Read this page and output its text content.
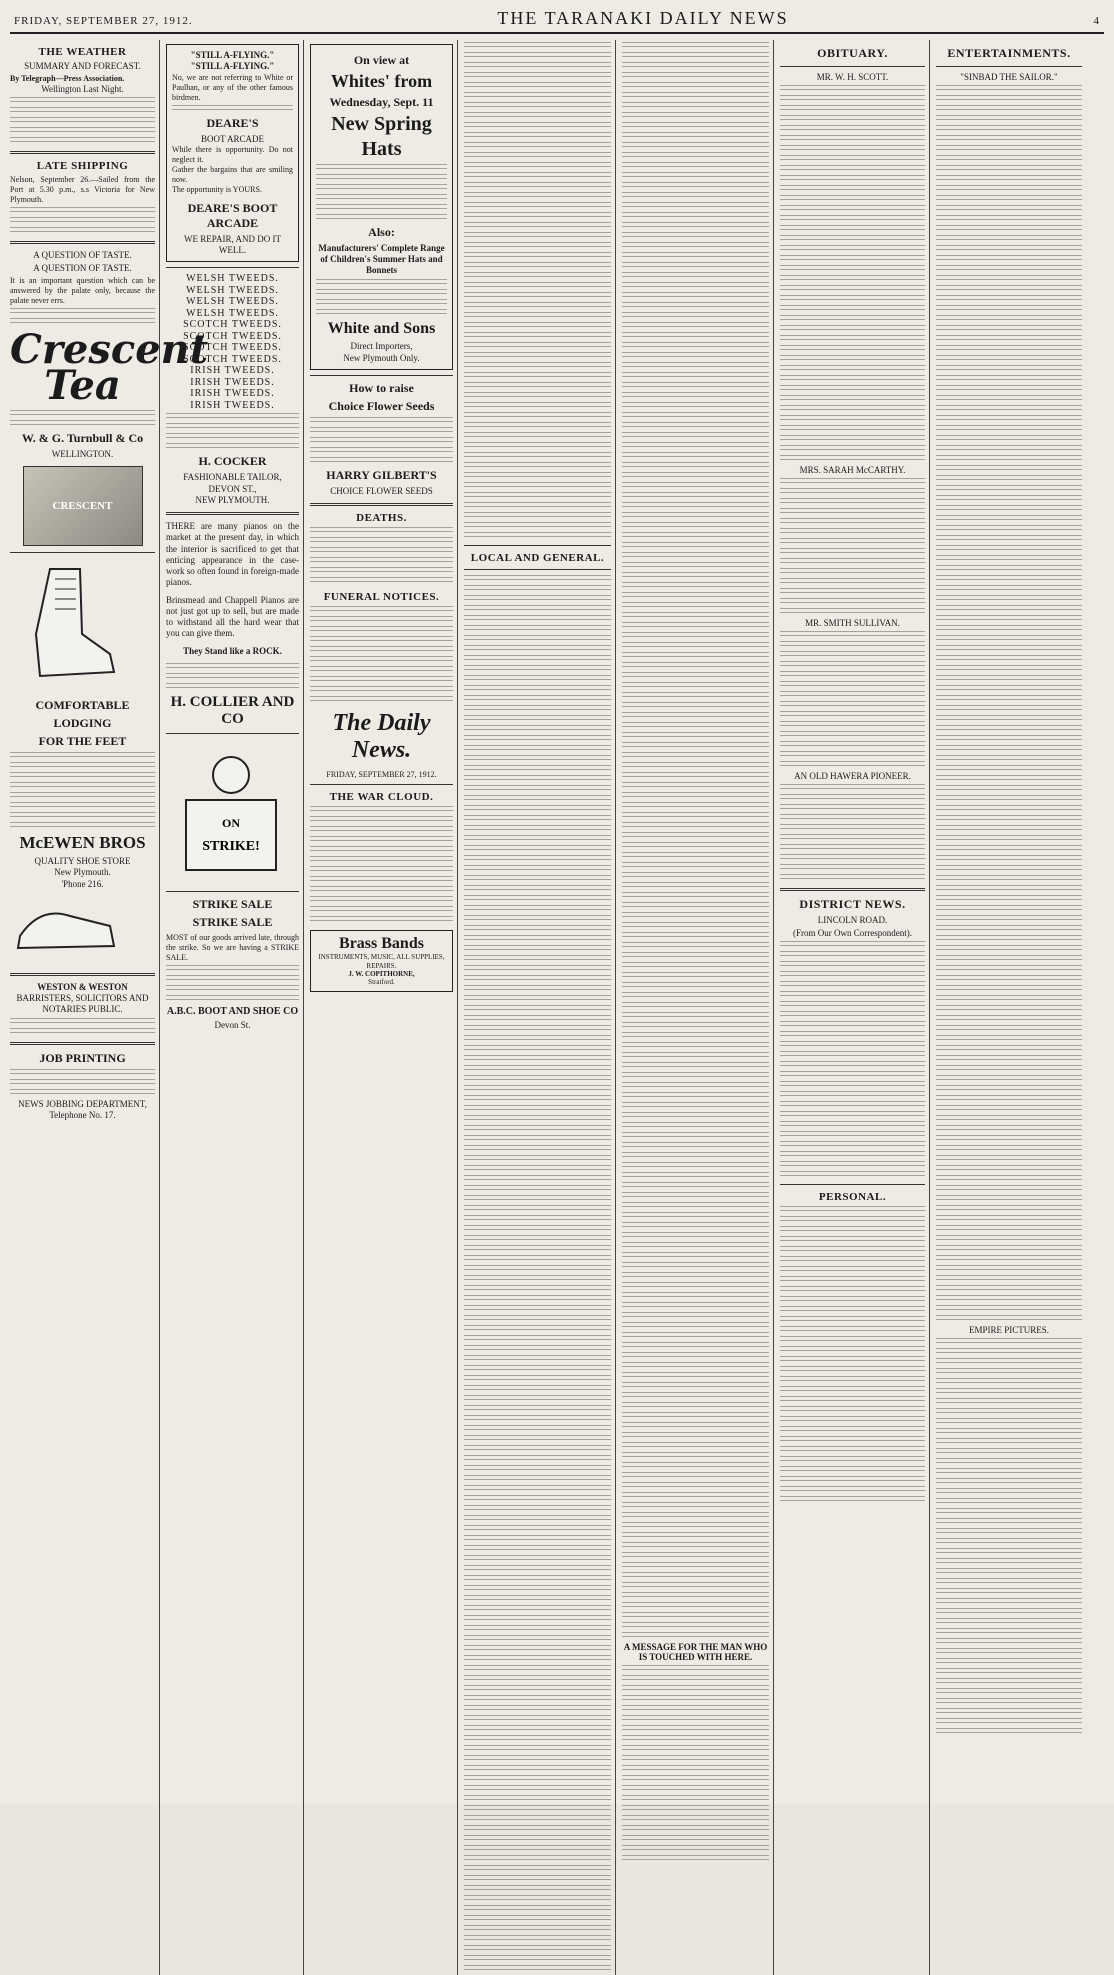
FRIDAY, SEPTEMBER 27, 1912.	THE TARANAKI DAILY NEWS	4
THE WEATHER
SUMMARY AND FORECAST.
By Telegraph—Press Association.
Wellington Last Night.
LATE SHIPPING
Nelson, September 26.—Sailed from the Port at 5.30 p.m., s.s Victoria for New Plymouth.
A QUESTION OF TASTE.
A QUESTION OF TASTE.
It is an important question which can be answered by the palate only, because the palate never errs.
Crescent
Tea
W. & G. Turnbull & Co
WELLINGTON.
CRESCENT
COMFORTABLE
LODGING
FOR THE FEET
McEWEN BROS
QUALITY SHOE STORE
New Plymouth.
'Phone 216.
WESTON & WESTON
BARRISTERS, SOLICITORS AND NOTARIES PUBLIC.
JOB PRINTING
NEWS JOBBING DEPARTMENT, Telephone No. 17.
"STILL A-FLYING."
"STILL A-FLYING."
No, we are not referring to White or Paulhan, or any of the other famous birdmen.
DEARE'S
BOOT ARCADE
While there is opportunity. Do not neglect it.
Gather the bargains that are smiling now.
The opportunity is YOURS.
DEARE'S BOOT ARCADE
WE REPAIR, AND DO IT WELL.
WELSH TWEEDS.
WELSH TWEEDS.
WELSH TWEEDS.
WELSH TWEEDS.
SCOTCH TWEEDS.
SCOTCH TWEEDS.
SCOTCH TWEEDS.
SCOTCH TWEEDS.
IRISH TWEEDS.
IRISH TWEEDS.
IRISH TWEEDS.
IRISH TWEEDS.
H. COCKER
FASHIONABLE TAILOR,
DEVON ST.,
NEW PLYMOUTH.
THERE are many pianos on the market at the present day, in which the interior is sacrificed to get that enticing appearance in the case-work so often found in foreign-made pianos.
Brinsmead and Chappell Pianos are not just got up to sell, but are made to withstand all the hard wear that you can give them.
They Stand like a ROCK.
H. COLLIER AND CO
ON
STRIKE!
STRIKE SALE
STRIKE SALE
MOST of our goods arrived late, through the strike. So we are having a STRIKE SALE.
A.B.C. BOOT AND SHOE CO
Devon St.
On view at
Whites' from
Wednesday, Sept. 11
New Spring
Hats
Also:
Manufacturers' Complete Range of Children's Summer Hats and Bonnets
White and Sons
Direct Importers,
New Plymouth Only.
How to raise
Choice Flower Seeds
HARRY GILBERT'S
CHOICE FLOWER SEEDS
DEATHS.
FUNERAL NOTICES.
The Daily News.
FRIDAY, SEPTEMBER 27, 1912.
THE WAR CLOUD.
Brass Bands
INSTRUMENTS, MUSIC, ALL SUPPLIES, REPAIRS.
J. W. COPITHORNE,
Stratford.
LOCAL AND GENERAL.
A MESSAGE FOR THE MAN WHO IS TOUCHED WITH HERE.
OBITUARY.
MR. W. H. SCOTT.
MRS. SARAH McCARTHY.
MR. SMITH SULLIVAN.
AN OLD HAWERA PIONEER.
DISTRICT NEWS.
LINCOLN ROAD.
(From Our Own Correspondent).
PERSONAL.
ENTERTAINMENTS.
"SINBAD THE SAILOR."
EMPIRE PICTURES.
